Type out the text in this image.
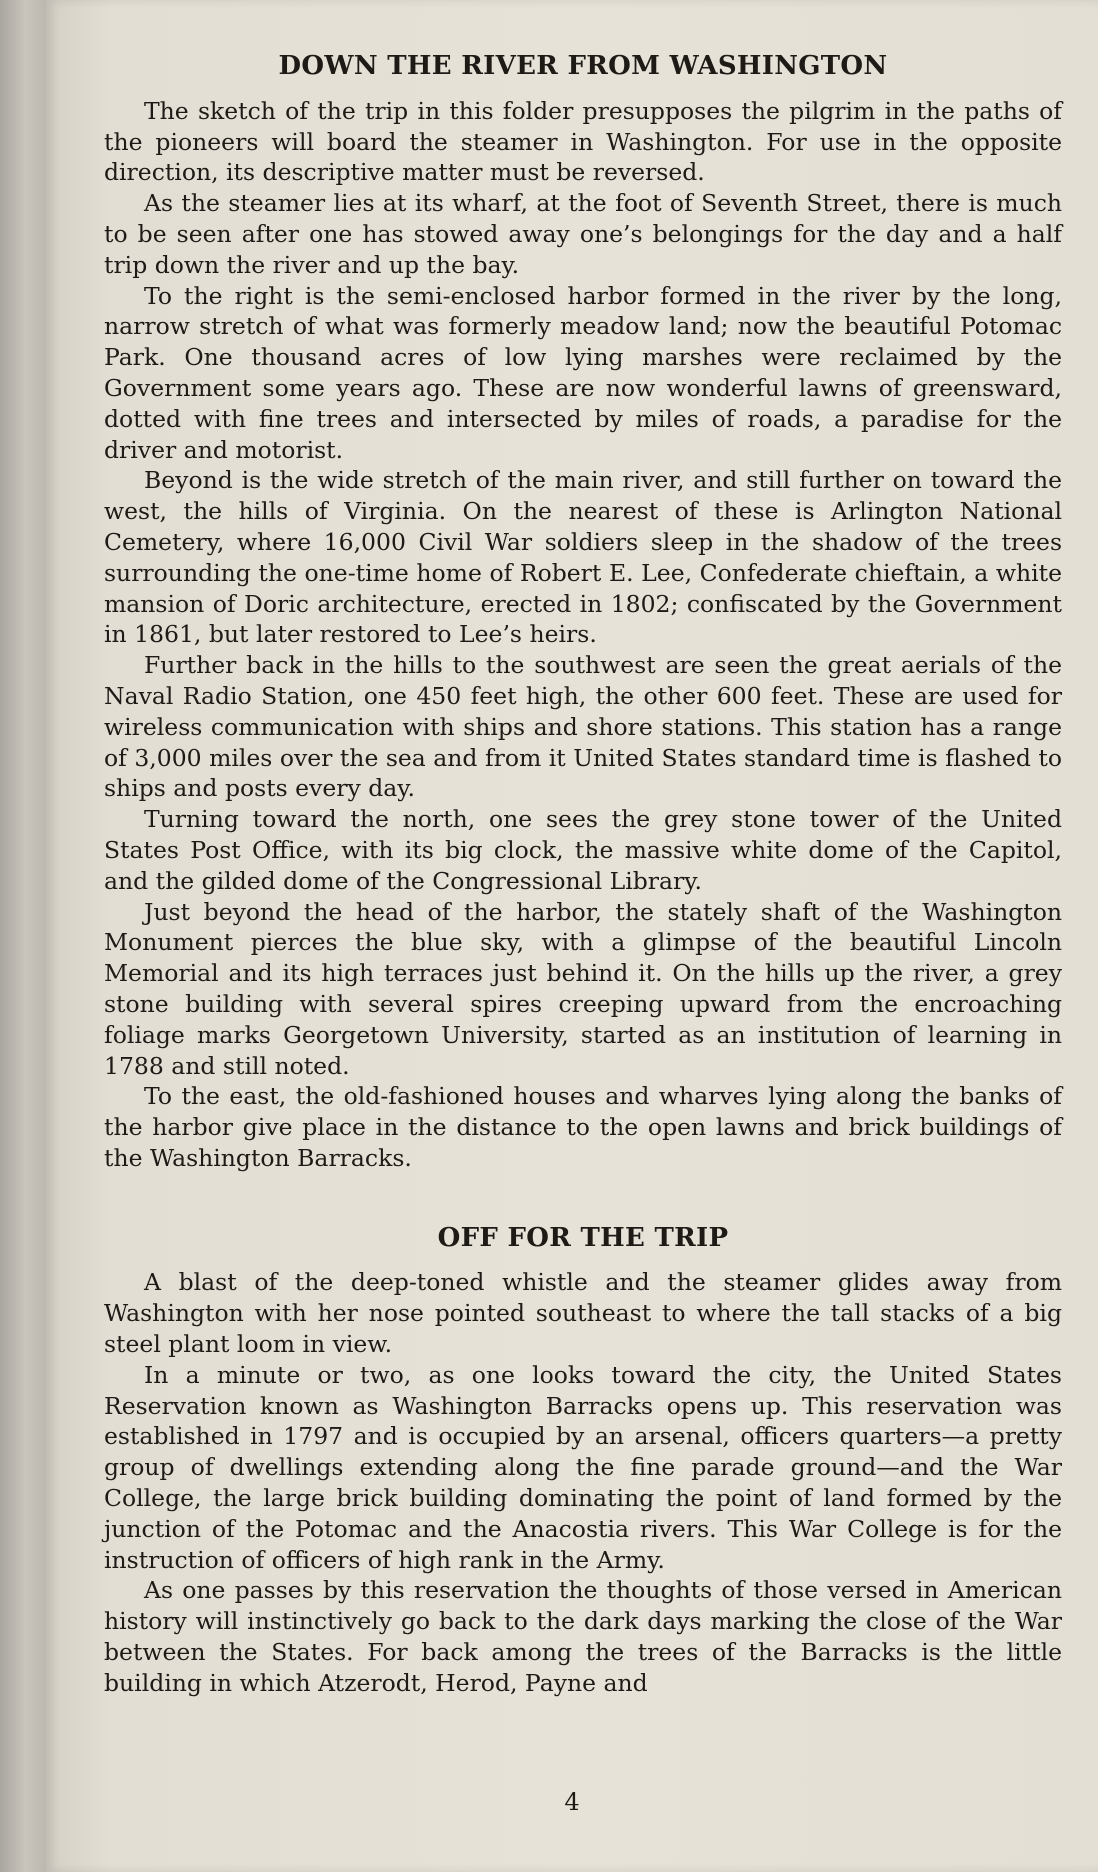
DOWN THE RIVER FROM WASHINGTON

The sketch of the trip in this folder presupposes the pilgrim in the paths of the pioneers will board the steamer in Washington. For use in the opposite direction, its descriptive matter must be reversed.

As the steamer lies at its wharf, at the foot of Seventh Street, there is much to be seen after one has stowed away one’s belongings for the day and a half trip down the river and up the bay.

To the right is the semi-enclosed harbor formed in the river by the long, narrow stretch of what was formerly meadow land; now the beautiful Potomac Park. One thousand acres of low lying marshes were reclaimed by the Government some years ago. These are now wonderful lawns of greensward, dotted with fine trees and intersected by miles of roads, a paradise for the driver and motorist.

Beyond is the wide stretch of the main river, and still further on toward the west, the hills of Virginia. On the nearest of these is Arlington National Cemetery, where 16,000 Civil War soldiers sleep in the shadow of the trees surrounding the one-time home of Robert E. Lee, Confederate chieftain, a white mansion of Doric architecture, erected in 1802; confiscated by the Government in 1861, but later restored to Lee’s heirs.

Further back in the hills to the southwest are seen the great aerials of the Naval Radio Station, one 450 feet high, the other 600 feet. These are used for wireless communication with ships and shore stations. This station has a range of 3,000 miles over the sea and from it United States standard time is flashed to ships and posts every day.

Turning toward the north, one sees the grey stone tower of the United States Post Office, with its big clock, the massive white dome of the Capitol, and the gilded dome of the Congressional Library.

Just beyond the head of the harbor, the stately shaft of the Washington Monument pierces the blue sky, with a glimpse of the beautiful Lincoln Memorial and its high terraces just behind it. On the hills up the river, a grey stone building with several spires creeping upward from the encroaching foliage marks Georgetown University, started as an institution of learning in 1788 and still noted.

To the east, the old-fashioned houses and wharves lying along the banks of the harbor give place in the distance to the open lawns and brick buildings of the Washington Barracks.

OFF FOR THE TRIP

A blast of the deep-toned whistle and the steamer glides away from Washington with her nose pointed southeast to where the tall stacks of a big steel plant loom in view.

In a minute or two, as one looks toward the city, the United States Reservation known as Washington Barracks opens up. This reservation was established in 1797 and is occupied by an arsenal, officers quarters—a pretty group of dwellings extending along the fine parade ground—and the War College, the large brick building dominating the point of land formed by the junction of the Potomac and the Anacostia rivers. This War College is for the instruction of officers of high rank in the Army.

As one passes by this reservation the thoughts of those versed in American history will instinctively go back to the dark days marking the close of the War between the States. For back among the trees of the Barracks is the little building in which Atzerodt, Herod, Payne and

4
